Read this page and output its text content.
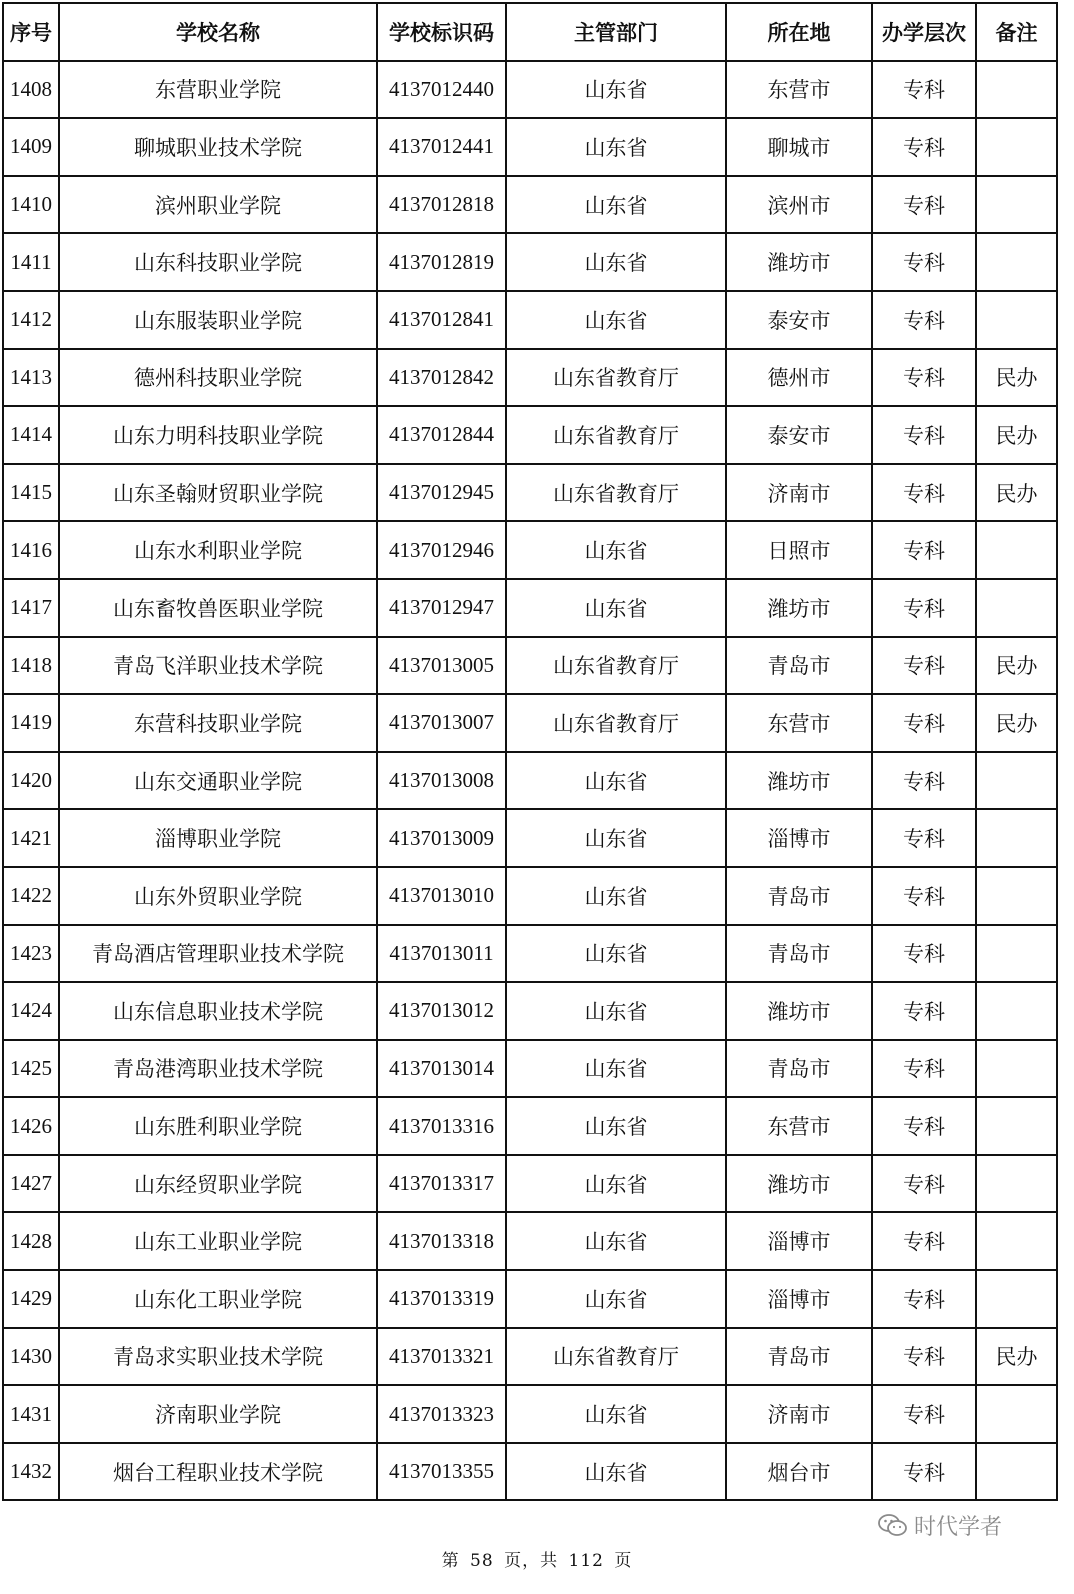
序号	学校名称	学校标识码	主管部门	所在地	办学层次	备注
1408	东营职业学院	4137012440	山东省	东营市	专科	
1409	聊城职业技术学院	4137012441	山东省	聊城市	专科	
1410	滨州职业学院	4137012818	山东省	滨州市	专科	
1411	山东科技职业学院	4137012819	山东省	潍坊市	专科	
1412	山东服装职业学院	4137012841	山东省	泰安市	专科	
1413	德州科技职业学院	4137012842	山东省教育厅	德州市	专科	民办
1414	山东力明科技职业学院	4137012844	山东省教育厅	泰安市	专科	民办
1415	山东圣翰财贸职业学院	4137012945	山东省教育厅	济南市	专科	民办
1416	山东水利职业学院	4137012946	山东省	日照市	专科	
1417	山东畜牧兽医职业学院	4137012947	山东省	潍坊市	专科	
1418	青岛飞洋职业技术学院	4137013005	山东省教育厅	青岛市	专科	民办
1419	东营科技职业学院	4137013007	山东省教育厅	东营市	专科	民办
1420	山东交通职业学院	4137013008	山东省	潍坊市	专科	
1421	淄博职业学院	4137013009	山东省	淄博市	专科	
1422	山东外贸职业学院	4137013010	山东省	青岛市	专科	
1423	青岛酒店管理职业技术学院	4137013011	山东省	青岛市	专科	
1424	山东信息职业技术学院	4137013012	山东省	潍坊市	专科	
1425	青岛港湾职业技术学院	4137013014	山东省	青岛市	专科	
1426	山东胜利职业学院	4137013316	山东省	东营市	专科	
1427	山东经贸职业学院	4137013317	山东省	潍坊市	专科	
1428	山东工业职业学院	4137013318	山东省	淄博市	专科	
1429	山东化工职业学院	4137013319	山东省	淄博市	专科	
1430	青岛求实职业技术学院	4137013321	山东省教育厅	青岛市	专科	民办
1431	济南职业学院	4137013323	山东省	济南市	专科	
1432	烟台工程职业技术学院	4137013355	山东省	烟台市	专科	
时代学者
第 58 页，共 112 页
